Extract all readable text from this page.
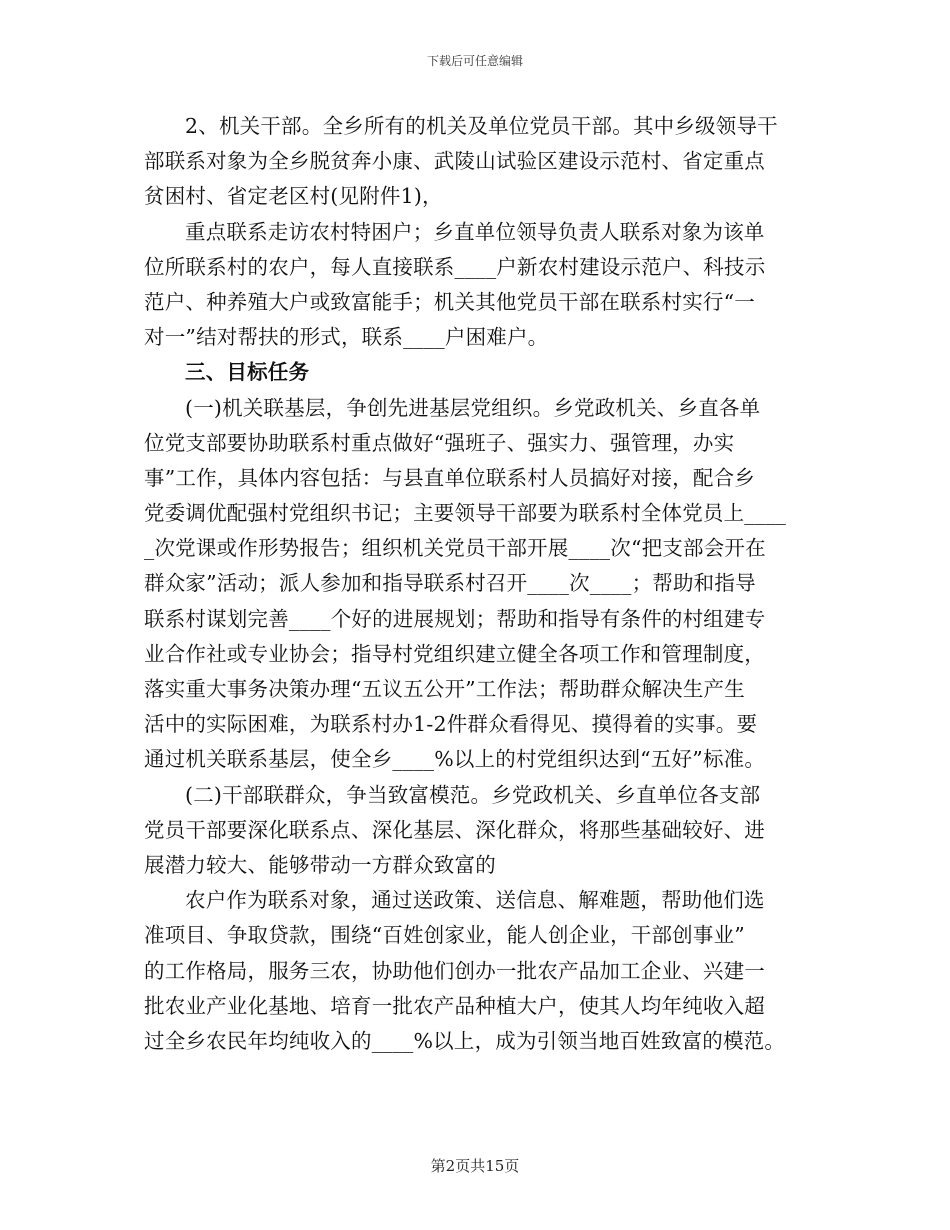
下载后可任意编辑
2、机关干部。全乡所有的机关及单位党员干部。其中乡级领导干
部联系对象为全乡脱贫奔小康、武陵山试验区建设示范村、省定重点
贫困村、省定老区村(见附件1)，
重点联系走访农村特困户；乡直单位领导负责人联系对象为该单
位所联系村的农户，每人直接联系____户新农村建设示范户、科技示
范户、种养殖大户或致富能手；机关其他党员干部在联系村实行“一
对一”结对帮扶的形式，联系____户困难户。
三、目标任务
(一)机关联基层，争创先进基层党组织。乡党政机关、乡直各单
位党支部要协助联系村重点做好“强班子、强实力、强管理，办实
事”工作，具体内容包括：与县直单位联系村人员搞好对接，配合乡
党委调优配强村党组织书记；主要领导干部要为联系村全体党员上____
_次党课或作形势报告；组织机关党员干部开展____次“把支部会开在
群众家”活动；派人参加和指导联系村召开____次____；帮助和指导
联系村谋划完善____个好的进展规划；帮助和指导有条件的村组建专
业合作社或专业协会；指导村党组织建立健全各项工作和管理制度，
落实重大事务决策办理“五议五公开”工作法；帮助群众解决生产生
活中的实际困难，为联系村办1-2件群众看得见、摸得着的实事。要
通过机关联系基层，使全乡____%以上的村党组织达到“五好”标准。
(二)干部联群众，争当致富模范。乡党政机关、乡直单位各支部
党员干部要深化联系点、深化基层、深化群众，将那些基础较好、进
展潜力较大、能够带动一方群众致富的
农户作为联系对象，通过送政策、送信息、解难题，帮助他们选
准项目、争取贷款，围绕“百姓创家业，能人创企业，干部创事业”
的工作格局，服务三农，协助他们创办一批农产品加工企业、兴建一
批农业产业化基地、培育一批农产品种植大户，使其人均年纯收入超
过全乡农民年均纯收入的____%以上，成为引领当地百姓致富的模范。
第2页共15页
